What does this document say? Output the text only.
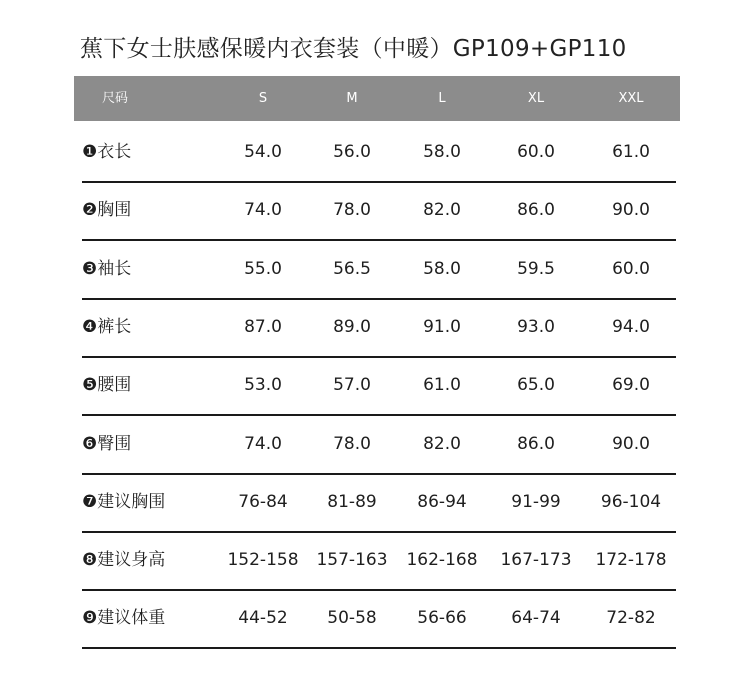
蕉下女士肤感保暖内衣套装（中暖）GP109+GP110
尺码	S	M	L	XL	XXL
❶衣长	54.0	56.0	58.0	60.0	61.0
❷胸围	74.0	78.0	82.0	86.0	90.0
❸袖长	55.0	56.5	58.0	59.5	60.0
❹裤长	87.0	89.0	91.0	93.0	94.0
❺腰围	53.0	57.0	61.0	65.0	69.0
❻臀围	74.0	78.0	82.0	86.0	90.0
❼建议胸围	76-84	81-89	86-94	91-99	96-104
❽建议身高	152-158	157-163	162-168	167-173	172-178
❾建议体重	44-52	50-58	56-66	64-74	72-82
